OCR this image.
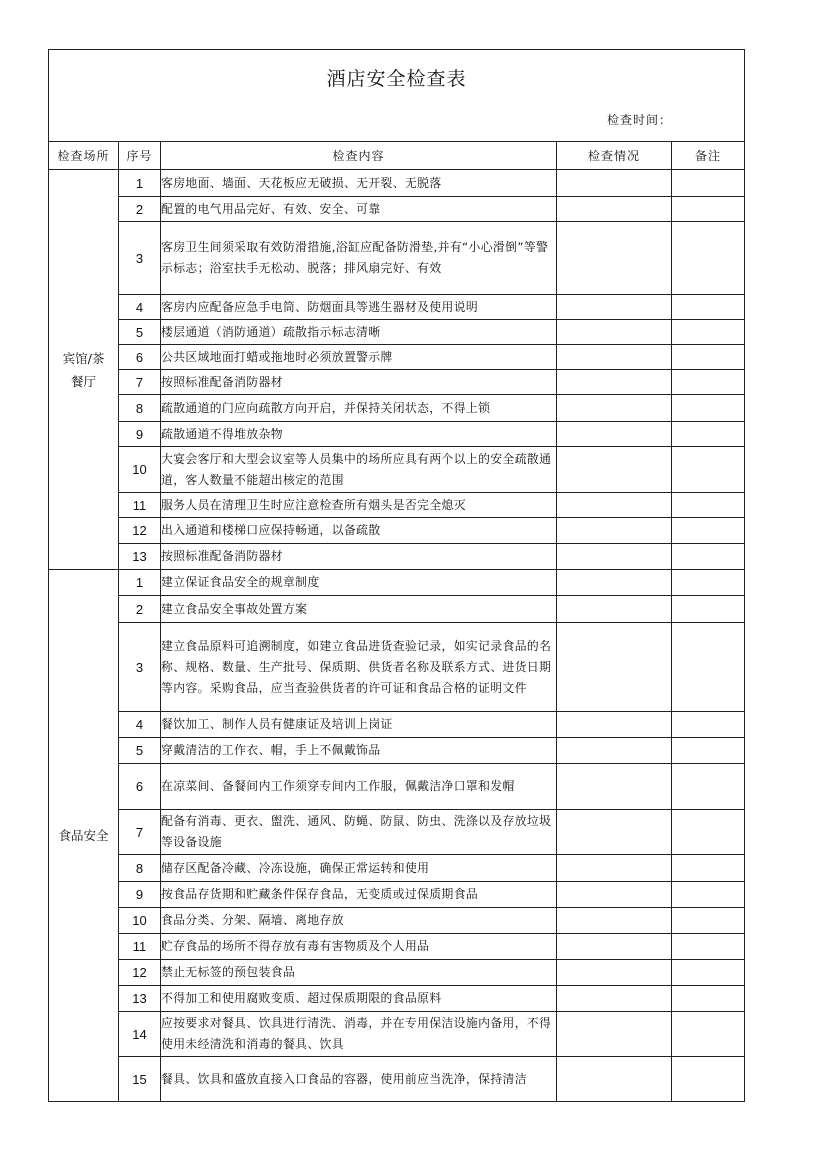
酒店安全检查表
检查时间：				

检查场所	序号	检查内容	检查情况	备注

宾馆/茶
餐厅	1	客房地面、墙面、天花板应无破损、无开裂、无脱落		
	2	配置的电气用品完好、有效、安全、可靠		
	3	客房卫生间须采取有效防滑措施,浴缸应配备防滑垫,并有“小心滑倒”等警示标志；浴室扶手无松动、脱落；排风扇完好、有效		
	4	客房内应配备应急手电筒、防烟面具等逃生器材及使用说明		
	5	楼层通道（消防通道）疏散指示标志清晰		
	6	公共区域地面打蜡或拖地时必须放置警示牌		
	7	按照标准配备消防器材		
	8	疏散通道的门应向疏散方向开启，并保持关闭状态，不得上锁		
	9	疏散通道不得堆放杂物		
	10	大宴会客厅和大型会议室等人员集中的场所应具有两个以上的安全疏散通道，客人数量不能超出核定的范围		
	11	服务人员在清理卫生时应注意检查所有烟头是否完全熄灭		
	12	出入通道和楼梯口应保持畅通，以备疏散		
	13	按照标准配备消防器材		

食品安全	1	建立保证食品安全的规章制度		
	2	建立食品安全事故处置方案		
	3	建立食品原料可追溯制度，如建立食品进货查验记录，如实记录食品的名称、规格、数量、生产批号、保质期、供货者名称及联系方式、进货日期等内容。采购食品，应当查验供货者的许可证和食品合格的证明文件		
	4	餐饮加工、制作人员有健康证及培训上岗证		
	5	穿戴清洁的工作衣、帽，手上不佩戴饰品		
	6	在凉菜间、备餐间内工作须穿专间内工作服，佩戴洁净口罩和发帽		
	7	配备有消毒、更衣、盥洗、通风、防蝇、防鼠、防虫、洗涤以及存放垃圾等设备设施		
	8	储存区配备冷藏、冷冻设施，确保正常运转和使用		
	9	按食品存货期和贮藏条件保存食品，无变质或过保质期食品		
	10	食品分类、分架、隔墙、离地存放		
	11	贮存食品的场所不得存放有毒有害物质及个人用品		
	12	禁止无标签的预包装食品		
	13	不得加工和使用腐败变质、超过保质期限的食品原料		
	14	应按要求对餐具、饮具进行清洗、消毒，并在专用保洁设施内备用，不得使用未经清洗和消毒的餐具、饮具		
	15	餐具、饮具和盛放直接入口食品的容器，使用前应当洗净，保持清洁		
